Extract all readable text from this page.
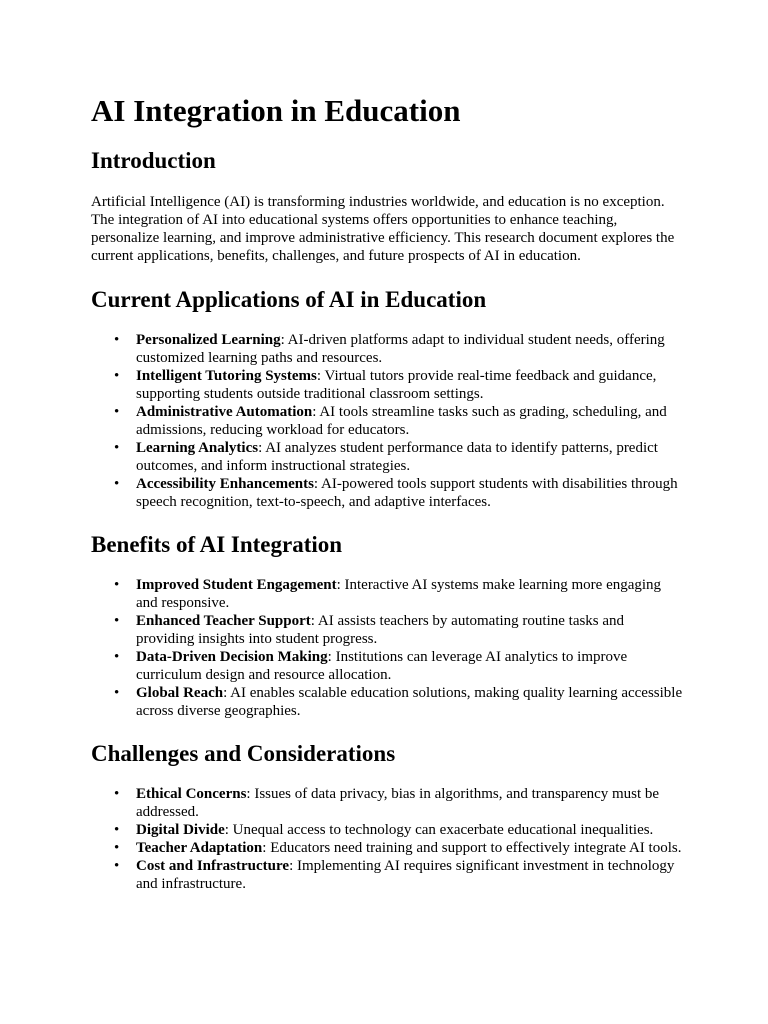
AI Integration in Education
Introduction

Artificial Intelligence (AI) is transforming industries worldwide, and education is no exception. The integration of AI into educational systems offers opportunities to enhance teaching, personalize learning, and improve administrative efficiency. This research document explores the current applications, benefits, challenges, and future prospects of AI in education.

Current Applications of AI in Education
• Personalized Learning: AI-driven platforms adapt to individual student needs, offering customized learning paths and resources.
• Intelligent Tutoring Systems: Virtual tutors provide real-time feedback and guidance, supporting students outside traditional classroom settings.
• Administrative Automation: AI tools streamline tasks such as grading, scheduling, and admissions, reducing workload for educators.
• Learning Analytics: AI analyzes student performance data to identify patterns, predict outcomes, and inform instructional strategies.
• Accessibility Enhancements: AI-powered tools support students with disabilities through speech recognition, text-to-speech, and adaptive interfaces.
Benefits of AI Integration
• Improved Student Engagement: Interactive AI systems make learning more engaging and responsive.
• Enhanced Teacher Support: AI assists teachers by automating routine tasks and providing insights into student progress.
• Data-Driven Decision Making: Institutions can leverage AI analytics to improve curriculum design and resource allocation.
• Global Reach: AI enables scalable education solutions, making quality learning accessible across diverse geographies.
Challenges and Considerations
• Ethical Concerns: Issues of data privacy, bias in algorithms, and transparency must be addressed.
• Digital Divide: Unequal access to technology can exacerbate educational inequalities.
• Teacher Adaptation: Educators need training and support to effectively integrate AI tools.
• Cost and Infrastructure: Implementing AI requires significant investment in technology and infrastructure.
